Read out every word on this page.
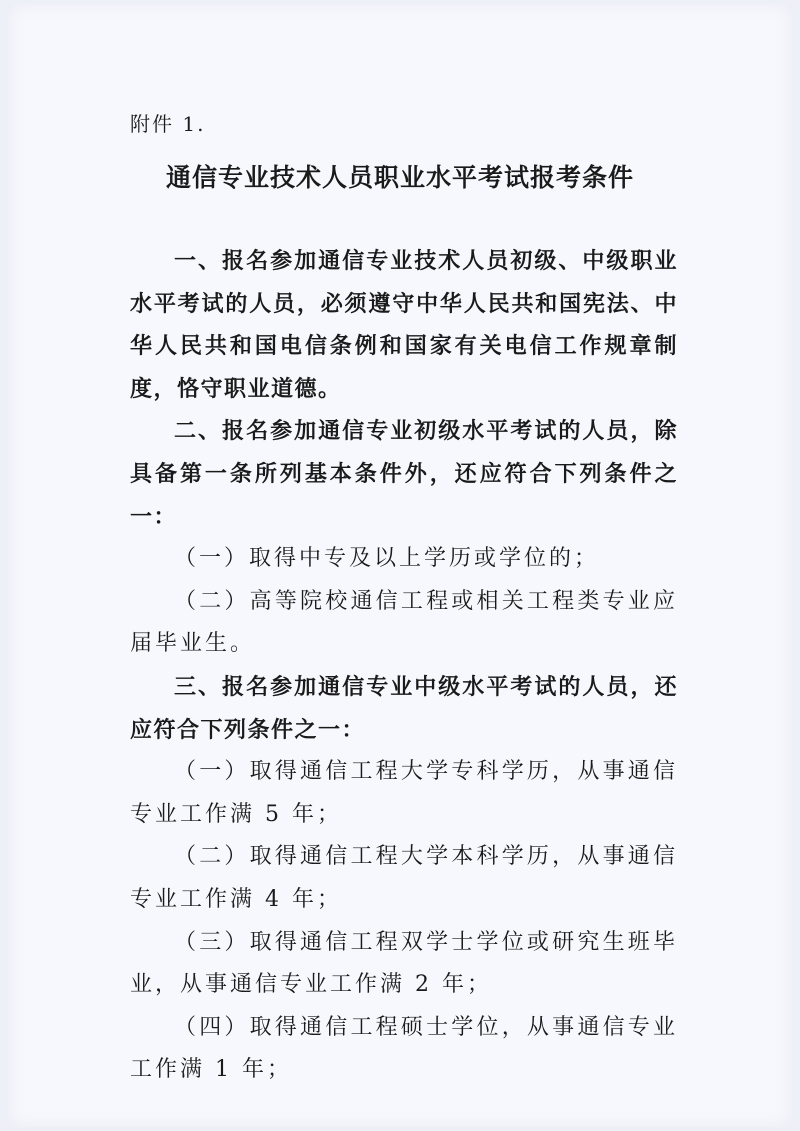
附件 1.
通信专业技术人员职业水平考试报考条件

一、报名参加通信专业技术人员初级、中级职业水平考试的人员，必须遵守中华人民共和国宪法、中华人民共和国电信条例和国家有关电信工作规章制度，恪守职业道德。

二、报名参加通信专业初级水平考试的人员，除具备第一条所列基本条件外，还应符合下列条件之一：

（一）取得中专及以上学历或学位的；

（二）高等院校通信工程或相关工程类专业应届毕业生。

三、报名参加通信专业中级水平考试的人员，还应符合下列条件之一：

（一）取得通信工程大学专科学历，从事通信专业工作满 5 年；

（二）取得通信工程大学本科学历，从事通信专业工作满 4 年；

（三）取得通信工程双学士学位或研究生班毕业，从事通信专业工作满 2 年；

（四）取得通信工程硕士学位，从事通信专业工作满 1 年；
